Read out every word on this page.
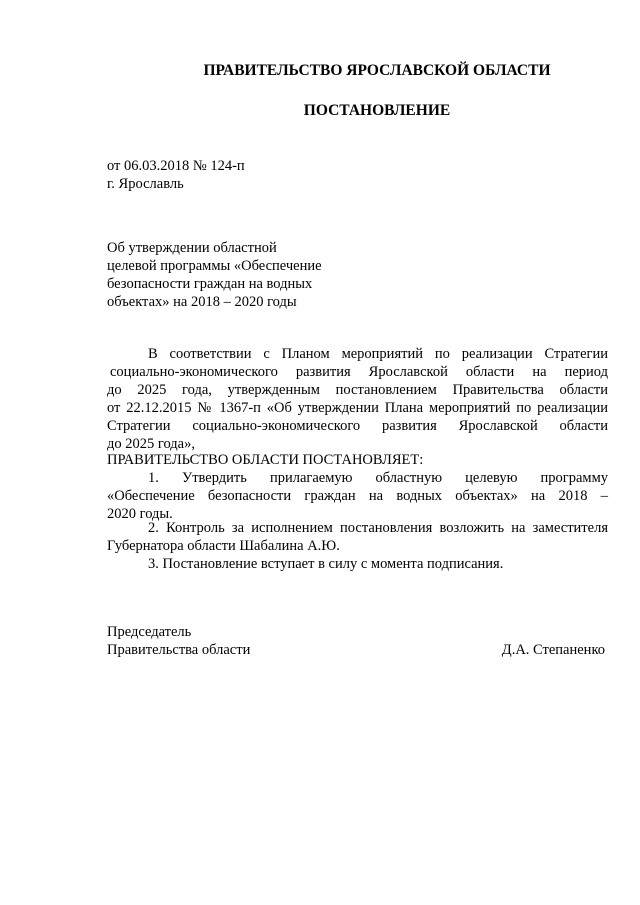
ПРАВИТЕЛЬСТВО ЯРОСЛАВСКОЙ ОБЛАСТИ
ПОСТАНОВЛЕНИЕ
от 06.03.2018 № 124-п
г. Ярославль
Об утверждении областной
целевой программы «Обеспечение
безопасности граждан на водных
объектах» на 2018 – 2020 годы
В соответствии с Планом мероприятий по реализации Стратегии
социально-экономического развития Ярославской области на период
до 2025 года, утвержденным постановлением Правительства области
от 22.12.2015 № 1367-п «Об утверждении Плана мероприятий по реализации
Стратегии социально-экономического развития Ярославской области
до 2025 года»,
ПРАВИТЕЛЬСТВО ОБЛАСТИ ПОСТАНОВЛЯЕТ:
1. Утвердить прилагаемую областную целевую программу
«Обеспечение безопасности граждан на водных объектах» на 2018 –
2020 годы.
2. Контроль за исполнением постановления возложить на заместителя
Губернатора области Шабалина А.Ю.
3. Постановление вступает в силу с момента подписания.
Председатель
Правительства области	Д.А. Степаненко
